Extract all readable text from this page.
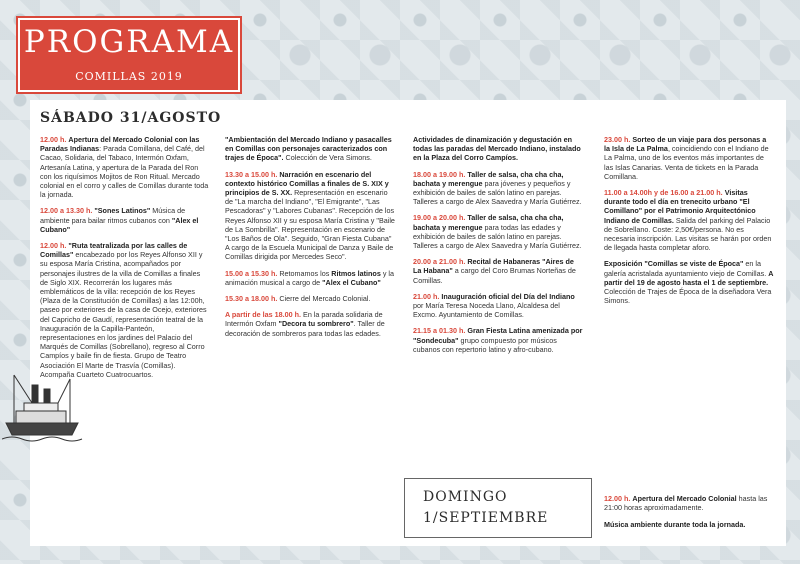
PROGRAMA
COMILLAS 2019
SÁBADO 31/AGOSTO

12.00 h. Apertura del Mercado Colonial con las Paradas Indianas: Parada Comillana, del Café, del Cacao, Solidaria, del Tabaco, Intermón Oxfam, Artesanía Latina, y apertura de la Parada del Ron con los riquísimos Mojitos de Ron Ritual. Mercado colonial en el corro y calles de Comillas durante toda la jornada.

12.00 a 13.30 h. "Sones Latinos" Música de ambiente para bailar ritmos cubanos con "Alex el Cubano"

12.00 h. "Ruta teatralizada por las calles de Comillas" encabezado por los Reyes Alfonso XII y su esposa María Cristina, acompañados por personajes ilustres de la villa de Comillas a finales de Siglo XIX. Recorrerán los lugares más emblemáticos de la villa: recepción de los Reyes (Plaza de la Constitución de Comillas) a las 12:00h, paseo por exteriores de la casa de Ocejo, exteriores del Capricho de Gaudí, representación teatral de la Inauguración de la Capilla-Panteón, representaciones en los jardines del Palacio del Marqués de Comillas (Sobrellano), regreso al Corro Campíos y baile fin de fiesta. Grupo de Teatro Asociación El Marte de Trasvía (Comillas). Acompaña Cuarteto Cuatrocuartos.

"Ambientación del Mercado Indiano y pasacalles en Comillas con personajes caracterizados con trajes de Época". Colección de Vera Simons.

13.30 a 15.00 h. Narración en escenario del contexto histórico Comillas a finales de S. XIX y principios de S. XX. Representación en escenario de "La marcha del Indiano", "El Emigrante", "Las Pescadoras" y "Labores Cubanas". Recepción de los Reyes Alfonso XII y su esposa María Cristina y "Baile de La Sombrilla". Representación en escenario de "Los Baños de Ola". Seguido, "Gran Fiesta Cubana" A cargo de la Escuela Municipal de Danza y Baile de Comillas dirigida por Mercedes Seco".

15.00 a 15.30 h. Retomamos los Ritmos latinos y la animación musical a cargo de "Alex el Cubano"

15.30 a 18.00 h. Cierre del Mercado Colonial.

A partir de las 18.00 h. En la parada solidaria de Intermón Oxfam "Decora tu sombrero". Taller de decoración de sombreros para todas las edades.

Actividades de dinamización y degustación en todas las paradas del Mercado Indiano, instalado en la Plaza del Corro Campíos.

18.00 a 19.00 h. Taller de salsa, cha cha cha, bachata y merengue para jóvenes y pequeños y exhibición de bailes de salón latino en parejas. Talleres a cargo de Alex Saavedra y María Gutiérrez.

19.00 a 20.00 h. Taller de salsa, cha cha cha, bachata y merengue para todas las edades y exhibición de bailes de salón latino en parejas. Talleres a cargo de Alex Saavedra y María Gutiérrez.

20.00 a 21.00 h. Recital de Habaneras "Aires de La Habana" a cargo del Coro Brumas Norteñas de Comillas.

21.00 h. Inauguración oficial del Día del Indiano por María Teresa Noceda Llano, Alcaldesa del Excmo. Ayuntamiento de Comillas.

21.15 a 01.30 h. Gran Fiesta Latina amenizada por "Sondecuba" grupo compuesto por músicos cubanos con repertorio latino y afro-cubano.

23.00 h. Sorteo de un viaje para dos personas a la Isla de La Palma, coincidiendo con el Indiano de La Palma, uno de los eventos más importantes de las Islas Canarias. Venta de tickets en la Parada Comillana.

11.00 a 14.00h y de 16.00 a 21.00 h. Visitas durante todo el día en trenecito urbano "El Comillano" por el Patrimonio Arquitectónico Indiano de Comillas. Salida del parking del Palacio de Sobrellano. Coste: 2,50€/persona. No es necesaria inscripción. Las visitas se harán por orden de llegada hasta completar aforo.

Exposición "Comillas se viste de Época" en la galería acristalada ayuntamiento viejo de Comillas. A partir del 19 de agosto hasta el 1 de septiembre. Colección de Trajes de Época de la diseñadora Vera Simons.

DOMINGO
1/SEPTIEMBRE

12.00 h. Apertura del Mercado Colonial hasta las 21:00 horas aproximadamente.

Música ambiente durante toda la jornada.
